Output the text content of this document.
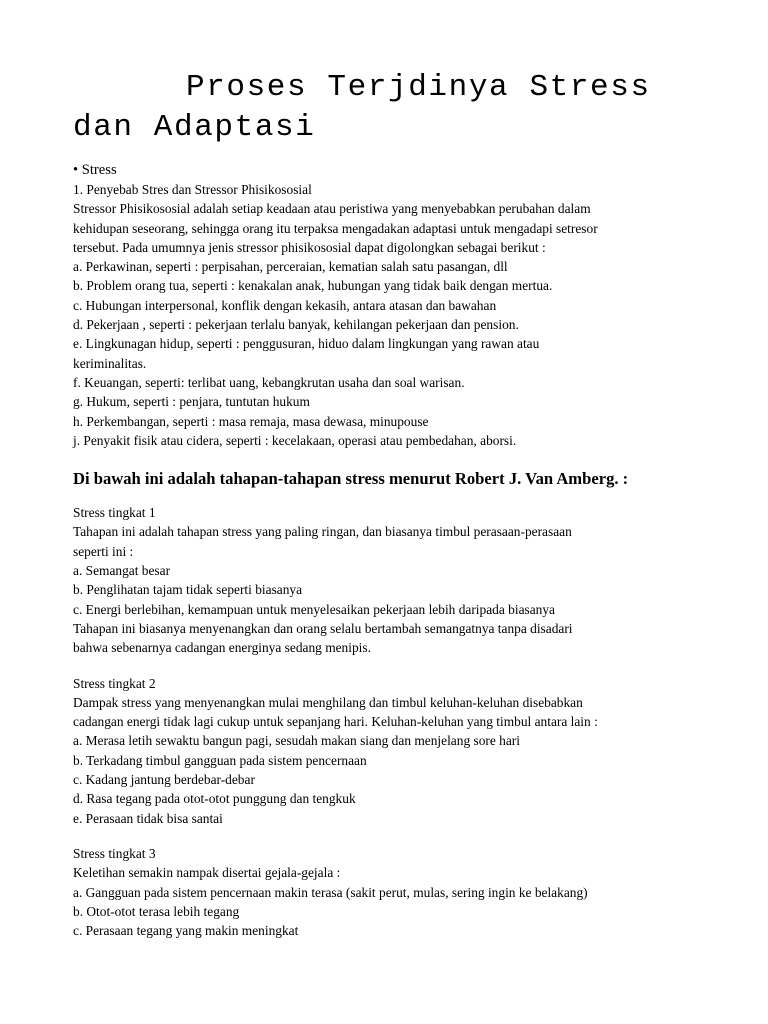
Proses Terjdinya Stress
dan Adaptasi
• Stress
1. Penyebab Stres dan Stressor Phisikososial
Stressor Phisikososial adalah setiap keadaan atau peristiwa yang menyebabkan perubahan dalam
kehidupan seseorang, sehingga orang itu terpaksa mengadakan adaptasi untuk mengadapi setresor
tersebut. Pada umumnya jenis stressor phisikososial dapat digolongkan sebagai berikut :
a. Perkawinan, seperti : perpisahan, perceraian, kematian salah satu pasangan, dll
b. Problem orang tua, seperti : kenakalan anak, hubungan yang tidak baik dengan mertua.
c. Hubungan interpersonal, konflik dengan kekasih, antara atasan dan bawahan
d. Pekerjaan , seperti : pekerjaan terlalu banyak, kehilangan pekerjaan dan pension.
e. Lingkunagan hidup, seperti : penggusuran, hiduo dalam lingkungan yang rawan atau
keriminalitas.
f. Keuangan, seperti: terlibat uang, kebangkrutan usaha dan soal warisan.
g. Hukum, seperti : penjara, tuntutan hukum
h. Perkembangan, seperti : masa remaja, masa dewasa, minupouse
j. Penyakit fisik atau cidera, seperti : kecelakaan, operasi atau pembedahan, aborsi.
Di bawah ini adalah tahapan-tahapan stress menurut Robert J. Van Amberg. :
Stress tingkat 1
Tahapan ini adalah tahapan stress yang paling ringan, dan biasanya timbul perasaan-perasaan
seperti ini :
a. Semangat besar
b. Penglihatan tajam tidak seperti biasanya
c. Energi berlebihan, kemampuan untuk menyelesaikan pekerjaan lebih daripada biasanya
Tahapan ini biasanya menyenangkan dan orang selalu bertambah semangatnya tanpa disadari
bahwa sebenarnya cadangan energinya sedang menipis.
Stress tingkat 2
Dampak stress yang menyenangkan mulai menghilang dan timbul keluhan-keluhan disebabkan
cadangan energi tidak lagi cukup untuk sepanjang hari. Keluhan-keluhan yang timbul antara lain :
a. Merasa letih sewaktu bangun pagi, sesudah makan siang dan menjelang sore hari
b. Terkadang timbul gangguan pada sistem pencernaan
c. Kadang jantung berdebar-debar
d. Rasa tegang pada otot-otot punggung dan tengkuk
e. Perasaan tidak bisa santai
Stress tingkat 3
Keletihan semakin nampak disertai gejala-gejala :
a. Gangguan pada sistem pencernaan makin terasa (sakit perut, mulas, sering ingin ke belakang)
b. Otot-otot terasa lebih tegang
c. Perasaan tegang yang makin meningkat
